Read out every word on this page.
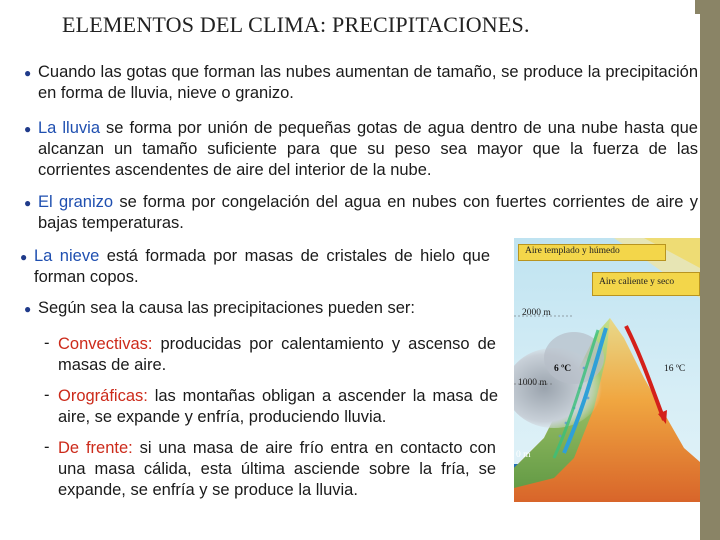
ELEMENTOS DEL CLIMA: PRECIPITACIONES.
● Cuando las gotas que forman las nubes aumentan de tamaño, se produce la precipitación en forma de lluvia, nieve o granizo.
● La lluvia se forma por unión de pequeñas gotas de agua dentro de una nube hasta que alcanzan un tamaño suficiente para que su peso sea mayor que la fuerza de las corrientes ascendentes de aire del interior de la nube.
● El granizo se forma por congelación del agua en nubes con fuertes corrientes de aire y bajas temperaturas.
● La nieve está formada por masas de cristales de hielo que forman copos.
● Según sea la causa las precipitaciones pueden ser:
- Convectivas: producidas por calentamiento y ascenso de masas de aire.
- Orográficas: las montañas obligan a ascender la masa de aire, se expande y enfría, produciendo lluvia.
- De frente: si una masa de aire frío entra en contacto con una masa cálida, esta última asciende sobre la fría, se expande, se enfría y se produce la lluvia.
Aire templado y húmedo
Aire caliente y seco
2000 m
1000 m
0 m
6 ºC	16 ºC
